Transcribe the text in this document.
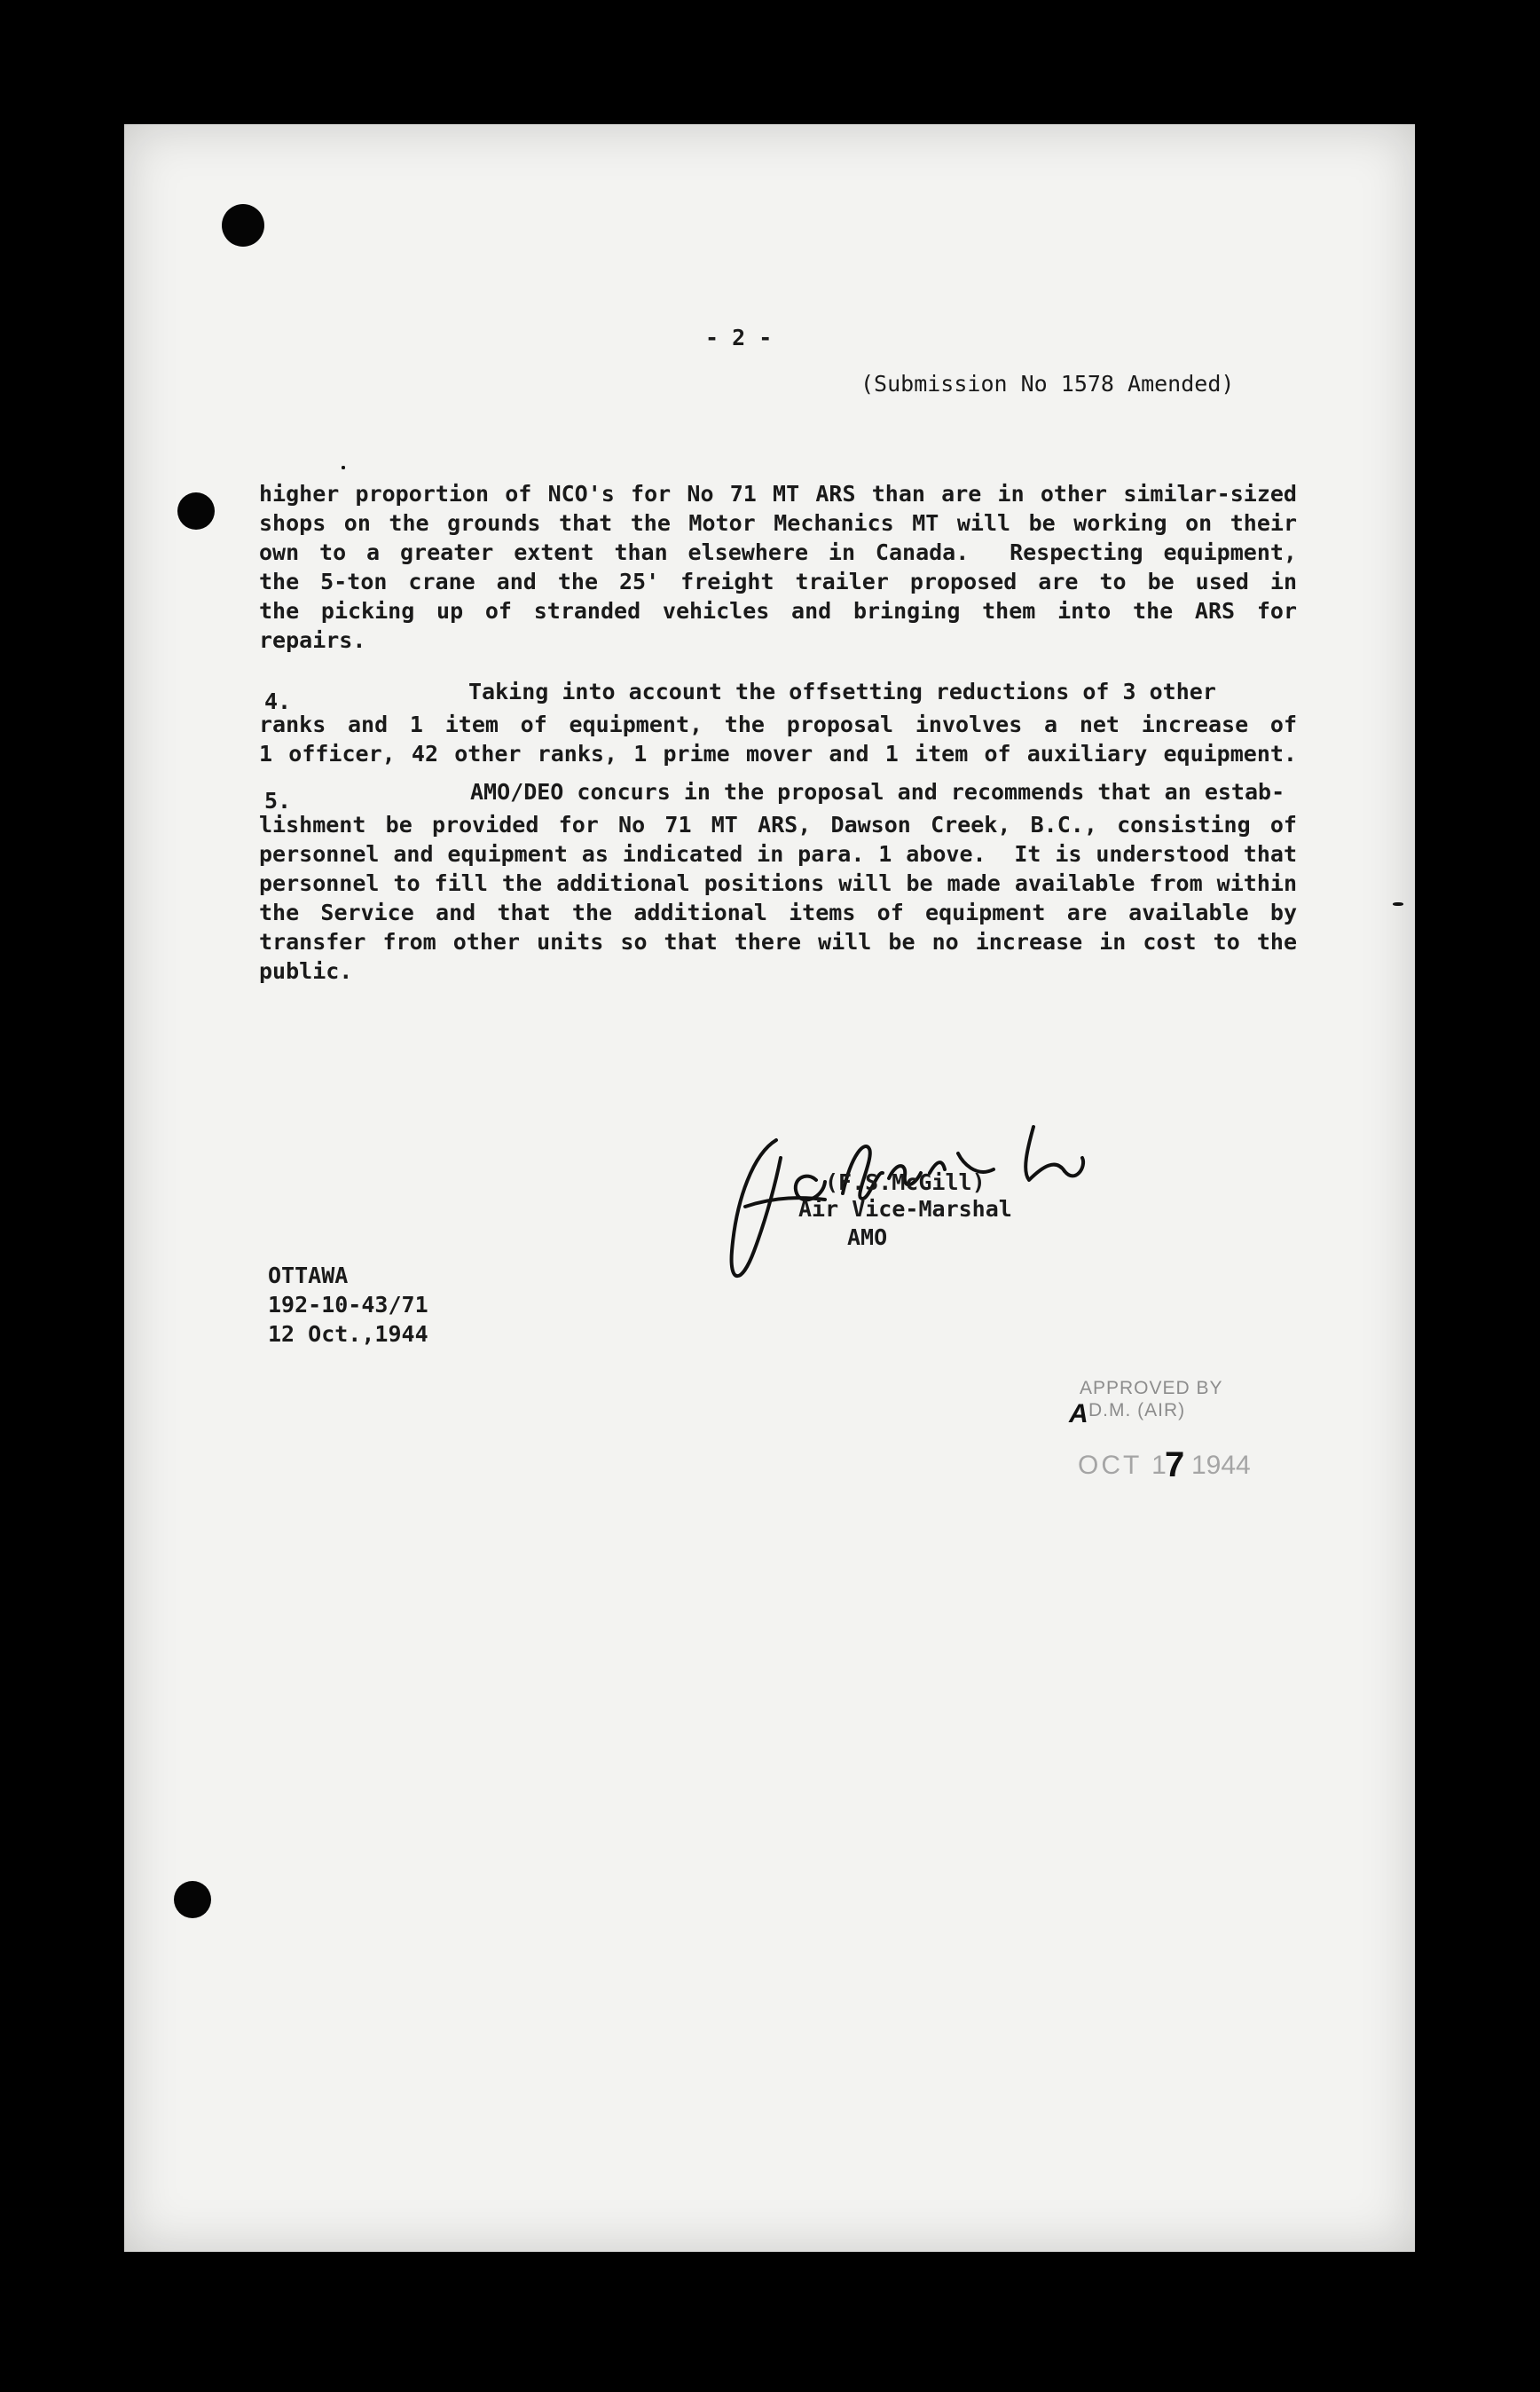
- 2 -
(Submission No 1578 Amended)
higher proportion of NCO's for No 71 MT ARS than are in other similar-sized
shops on the grounds that the Motor Mechanics MT will be working on their
own to a greater extent than elsewhere in Canada.  Respecting equipment,
the 5-ton crane and the 25' freight trailer proposed are to be used in
the picking up of stranded vehicles and bringing them into the ARS for
repairs.
4.	Taking into account the offsetting reductions of 3 other
ranks and 1 item of equipment, the proposal involves a net increase of
1 officer, 42 other ranks, 1 prime mover and 1 item of auxiliary equipment.
5.	AMO/DEO concurs in the proposal and recommends that an estab-
lishment be provided for No 71 MT ARS, Dawson Creek, B.C., consisting of
personnel and equipment as indicated in para. 1 above.  It is understood that
personnel to fill the additional positions will be made available from within
the Service and that the additional items of equipment are available by
transfer from other units so that there will be no increase in cost to the
public.
(F.S.McGill)
Air Vice-Marshal
AMO
OTTAWA
192-10-43/71
12 Oct.,1944
APPROVED BY
D.M. (AIR)
A
OCT 1
7 1944
